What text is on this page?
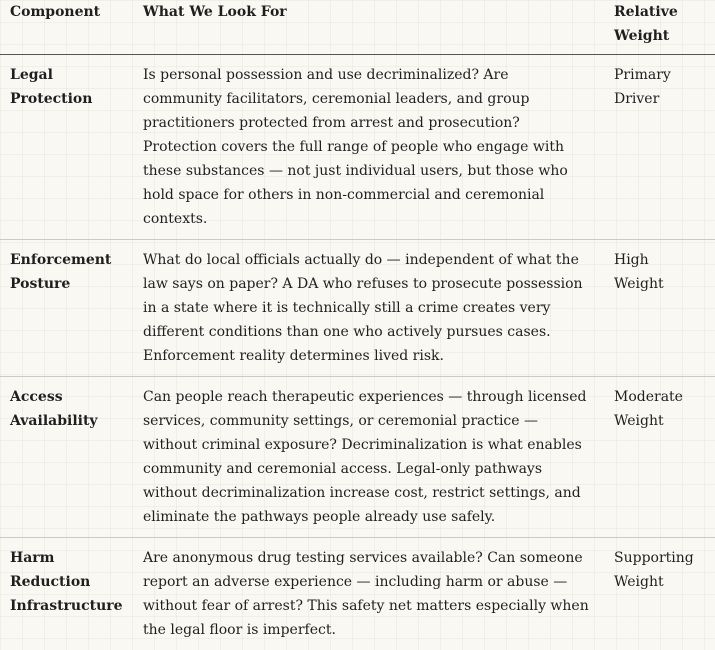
Component	What We Look For	Relative
Weight
Legal Protection	Is personal possession and use decriminalized? Are community facilitators, ceremonial leaders, and group practitioners protected from arrest and prosecution? Protection covers the full range of people who engage with these substances — not just individual users, but those who hold space for others in non-commercial and ceremonial contexts.	Primary
Driver
Enforcement Posture	What do local officials actually do — independent of what the law says on paper? A DA who refuses to prosecute possession in a state where it is technically still a crime creates very different conditions than one who actively pursues cases. Enforcement reality determines lived risk.	High
Weight
Access Availability	Can people reach therapeutic experiences — through licensed services, community settings, or ceremonial practice — without criminal exposure? Decriminalization is what enables community and ceremonial access. Legal-only pathways without decriminalization increase cost, restrict settings, and eliminate the pathways people already use safely.	Moderate
Weight
Harm Reduction Infrastructure	Are anonymous drug testing services available? Can someone report an adverse experience — including harm or abuse — without fear of arrest? This safety net matters especially when the legal floor is imperfect.	Supporting
Weight
